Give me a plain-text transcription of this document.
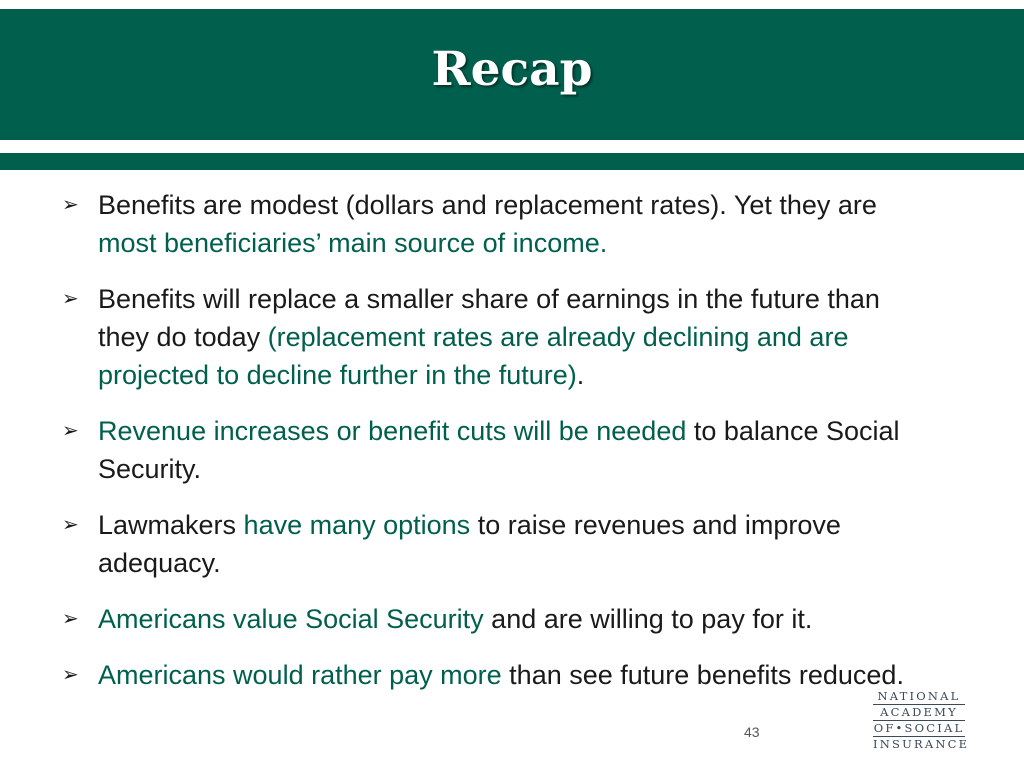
Recap
➢ Benefits are modest (dollars and replacement rates). Yet they are most beneficiaries’ main source of income.
➢ Benefits will replace a smaller share of earnings in the future than they do today (replacement rates are already declining and are projected to decline further in the future).
➢ Revenue increases or benefit cuts will be needed to balance Social Security.
➢ Lawmakers have many options to raise revenues and improve adequacy.
➢ Americans value Social Security and are willing to pay for it.
➢ Americans would rather pay more than see future benefits reduced.
43
NATIONAL
ACADEMY
OF•SOCIAL
INSURANCE
